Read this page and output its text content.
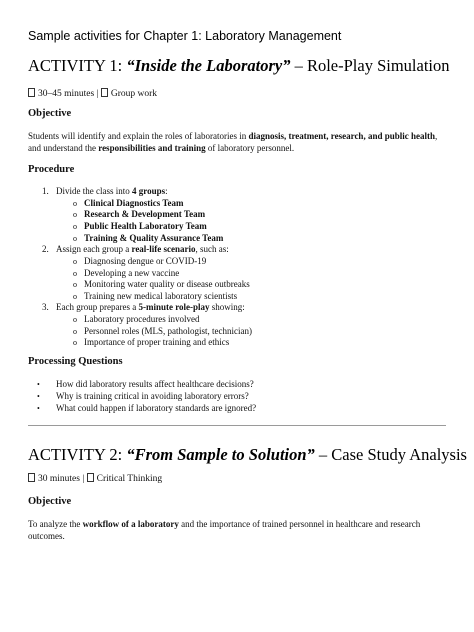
Sample activities for Chapter 1: Laboratory Management
ACTIVITY 1: “Inside the Laboratory” – Role-Play Simulation
30–45 minutes | Group work
Objective
Students will identify and explain the roles of laboratories in diagnosis, treatment, research, and public health, and understand the responsibilities and training of laboratory personnel.
Procedure
1. Divide the class into 4 groups:
o Clinical Diagnostics Team
o Research & Development Team
o Public Health Laboratory Team
o Training & Quality Assurance Team
2. Assign each group a real-life scenario, such as:
o Diagnosing dengue or COVID-19
o Developing a new vaccine
o Monitoring water quality or disease outbreaks
o Training new medical laboratory scientists
3. Each group prepares a 5-minute role-play showing:
o Laboratory procedures involved
o Personnel roles (MLS, pathologist, technician)
o Importance of proper training and ethics
Processing Questions
• How did laboratory results affect healthcare decisions?
• Why is training critical in avoiding laboratory errors?
• What could happen if laboratory standards are ignored?
ACTIVITY 2: “From Sample to Solution” – Case Study Analysis
30 minutes | Critical Thinking
Objective
To analyze the workflow of a laboratory and the importance of trained personnel in healthcare and research outcomes.
